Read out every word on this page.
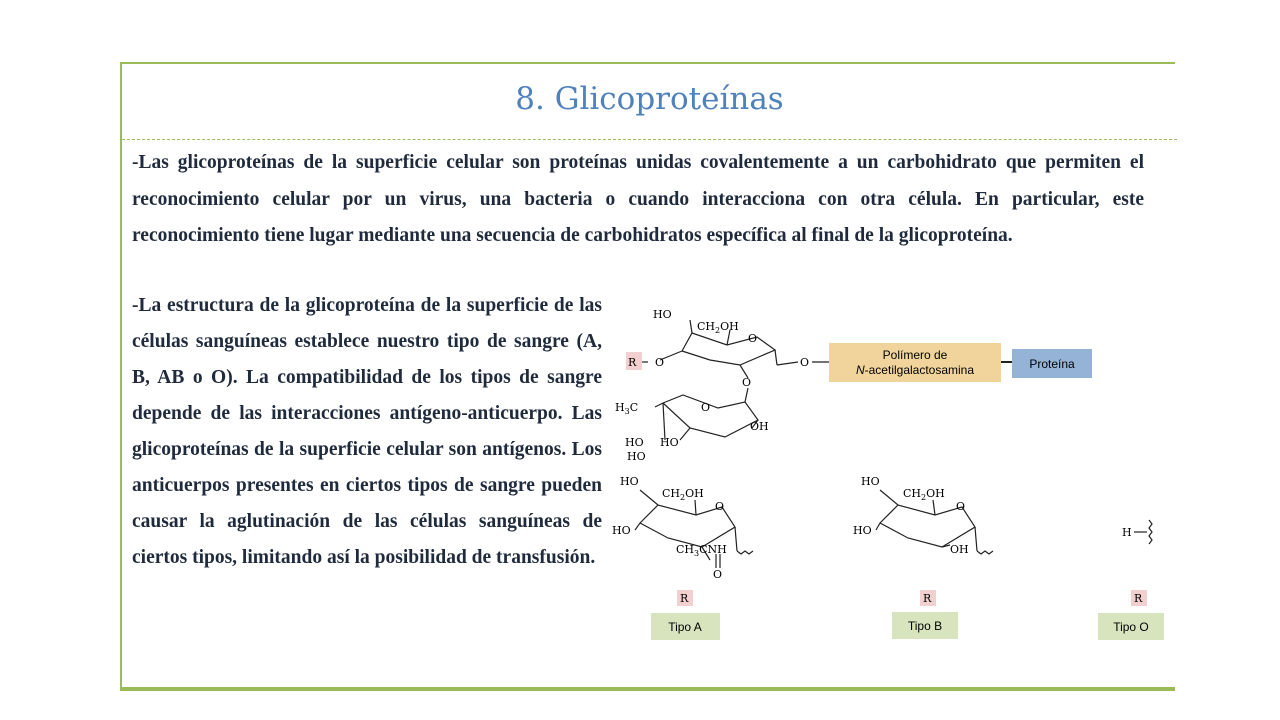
8. Glicoproteínas
-Las glicoproteínas de la superficie celular son proteínas unidas covalentemente a un carbohidrato que permiten el reconocimiento celular por un virus, una bacteria o cuando interacciona con otra célula. En particular, este reconocimiento tiene lugar mediante una secuencia de carbohidratos específica al final de la glicoproteína.
-La estructura de la glicoproteína de la superficie de las células sanguíneas establece nuestro tipo de sangre (A, B, AB o O). La compatibilidad de los tipos de sangre depende de las interacciones antígeno-anticuerpo. Las glicoproteínas de la superficie celular son antígenos. Los anticuerpos presentes en ciertos tipos de sangre pueden causar la aglutinación de las células sanguíneas de ciertos tipos, limitando así la posibilidad de transfusión.
HO
$CH_2OH$
O
O
O
O
R
$H_3C$	O
OH
HO HO
HO
Polímero de
N-acetilgalactosamina	Proteína
HO
$CH_2OH$
O
HO
$CH_3CNH$
O
R
Tipo A
HO
$CH_2OH$
O
HO
OH
R
Tipo B
H
R
Tipo O
